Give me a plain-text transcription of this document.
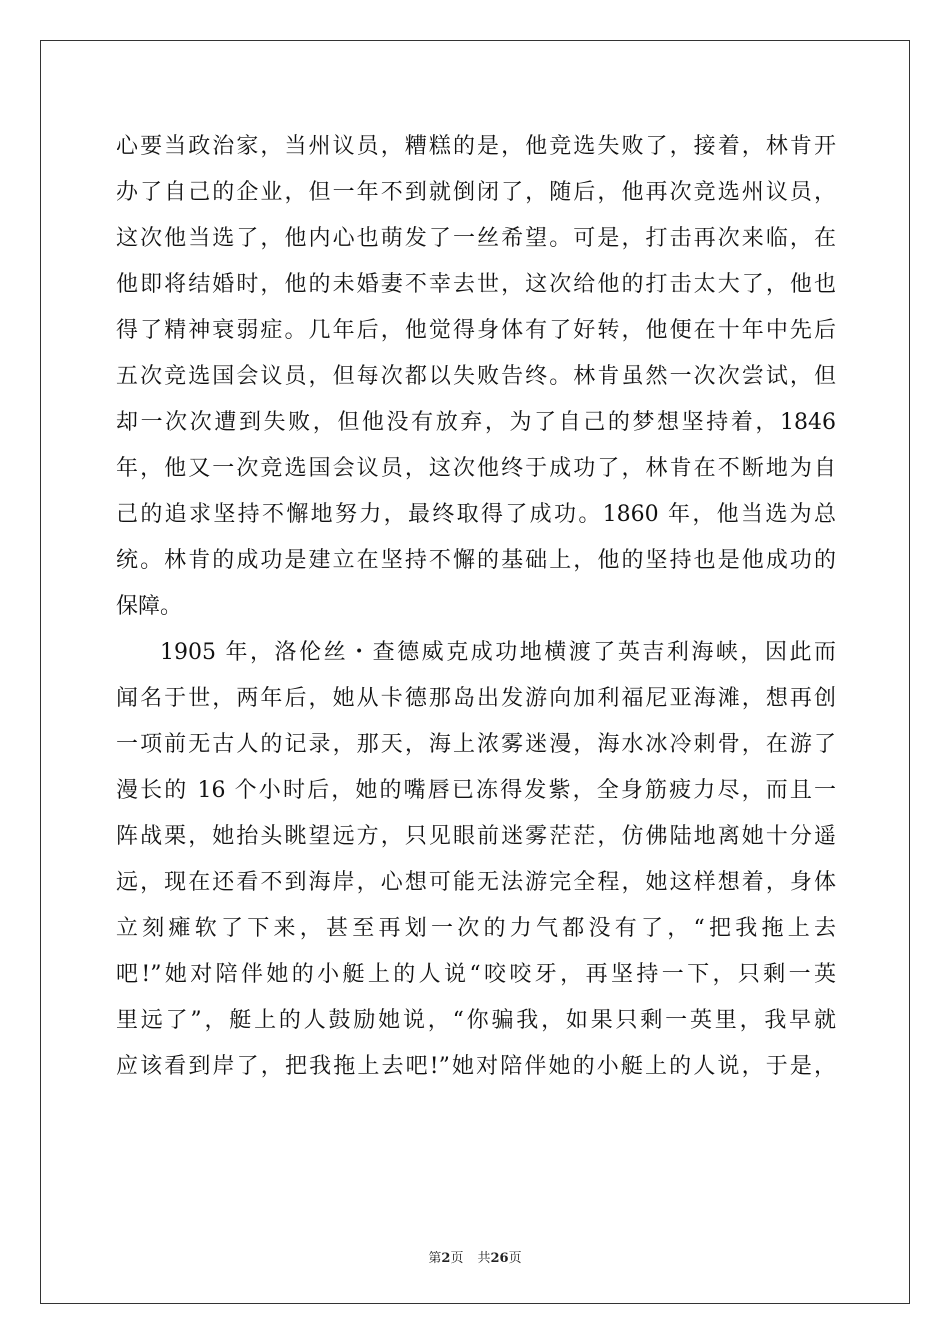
心要当政治家，当州议员，糟糕的是，他竞选失败了，接着，林肯开
办了自己的企业，但一年不到就倒闭了，随后，他再次竞选州议员，
这次他当选了，他内心也萌发了一丝希望。可是，打击再次来临，在
他即将结婚时，他的未婚妻不幸去世，这次给他的打击太大了，他也
得了精神衰弱症。几年后，他觉得身体有了好转，他便在十年中先后
五次竞选国会议员，但每次都以失败告终。林肯虽然一次次尝试，但
却一次次遭到失败，但他没有放弃，为了自己的梦想坚持着，1846
年，他又一次竞选国会议员，这次他终于成功了，林肯在不断地为自
己的追求坚持不懈地努力，最终取得了成功。1860 年，他当选为总
统。林肯的成功是建立在坚持不懈的基础上，他的坚持也是他成功的
保障。
1905 年，洛伦丝・查德威克成功地横渡了英吉利海峡，因此而
闻名于世，两年后，她从卡德那岛出发游向加利福尼亚海滩，想再创
一项前无古人的记录，那天，海上浓雾迷漫，海水冰冷刺骨，在游了
漫长的 16 个小时后，她的嘴唇已冻得发紫，全身筋疲力尽，而且一
阵战栗，她抬头眺望远方，只见眼前迷雾茫茫，仿佛陆地离她十分遥
远，现在还看不到海岸，心想可能无法游完全程，她这样想着，身体
立刻瘫软了下来，甚至再划一次的力气都没有了，“把我拖上去
吧!”她对陪伴她的小艇上的人说“咬咬牙，再坚持一下，只剩一英
里远了”，艇上的人鼓励她说，“你骗我，如果只剩一英里，我早就
应该看到岸了，把我拖上去吧!”她对陪伴她的小艇上的人说，于是，
第2页 共26页
